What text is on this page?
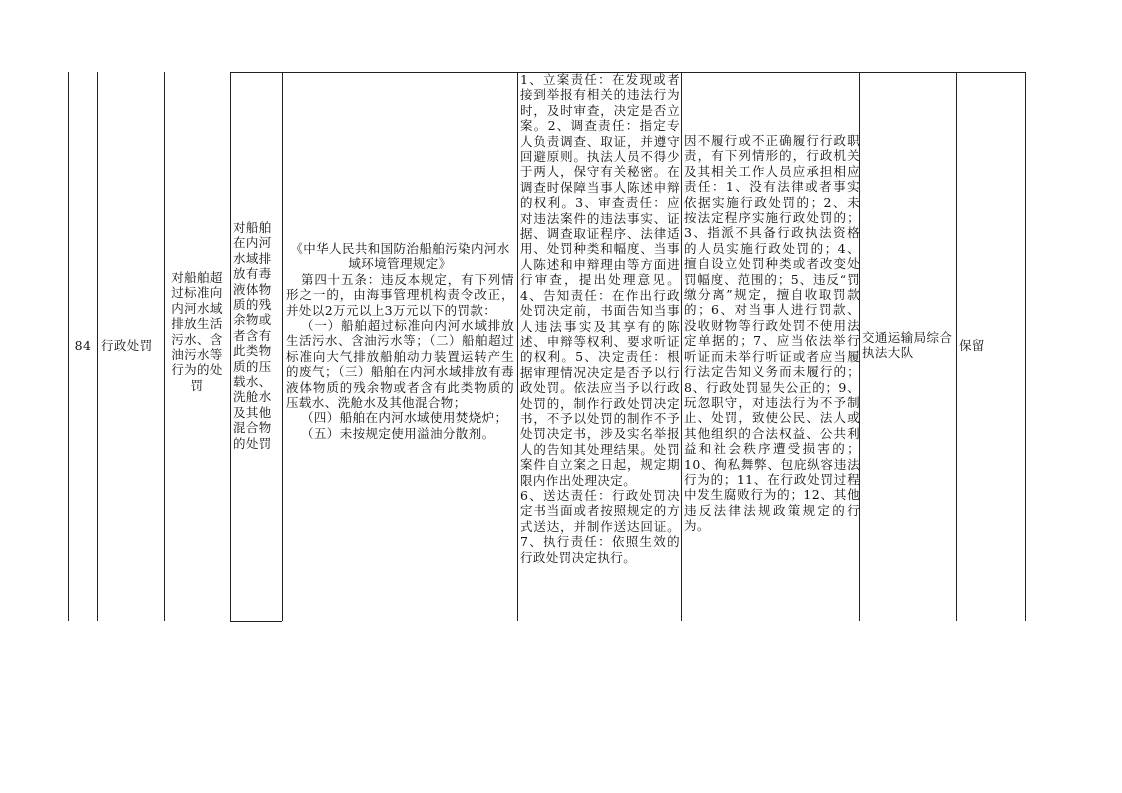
84 行政处罚
对船舶超过标准向内河水域排放生活污水、含油污水等行为的处罚
对船舶在内河水域排放有毒液体物质的残余物或者含有此类物质的压载水、洗舱水及其他混合物的处罚
《中华人民共和国防治船舶污染内河水域环境管理规定》
第四十五条：违反本规定，有下列情形之一的，由海事管理机构责令改正，并处以2万元以上3万元以下的罚款：
（一）船舶超过标准向内河水域排放生活污水、含油污水等；（二）船舶超过标准向大气排放船舶动力装置运转产生的废气；（三）船舶在内河水域排放有毒液体物质的残余物或者含有此类物质的压载水、洗舱水及其他混合物；
（四）船舶在内河水域使用焚烧炉；
（五）未按规定使用溢油分散剂。
1、立案责任：在发现或者接到举报有相关的违法行为时，及时审查，决定是否立案。2、调查责任：指定专人负责调查、取证，并遵守回避原则。执法人员不得少于两人，保守有关秘密。在调查时保障当事人陈述申辩的权利。3、审查责任：应对违法案件的违法事实、证据、调查取证程序、法律适用、处罚种类和幅度、当事人陈述和申辩理由等方面进行审查，提出处理意见。4、告知责任：在作出行政处罚决定前，书面告知当事人违法事实及其享有的陈述、申辩等权利、要求听证的权利。5、决定责任：根据审理情况决定是否予以行政处罚。依法应当予以行政处罚的，制作行政处罚决定书，不予以处罚的制作不予处罚决定书，涉及实名举报人的告知其处理结果。处罚案件自立案之日起，规定期限内作出处理决定。
6、送达责任：行政处罚决定书当面或者按照规定的方式送达，并制作送达回证。7、执行责任：依照生效的行政处罚决定执行。
因不履行或不正确履行行政职责，有下列情形的，行政机关及其相关工作人员应承担相应责任：1、没有法律或者事实依据实施行政处罚的；2、未按法定程序实施行政处罚的；3、指派不具备行政执法资格的人员实施行政处罚的；4、擅自设立处罚种类或者改变处罚幅度、范围的；5、违反“罚缴分离”规定，擅自收取罚款的；6、对当事人进行罚款、没收财物等行政处罚不使用法定单据的；7、应当依法举行听证而未举行听证或者应当履行法定告知义务而未履行的；8、行政处罚显失公正的；9、玩忽职守，对违法行为不予制止、处罚，致使公民、法人或其他组织的合法权益、公共利益和社会秩序遭受损害的；10、徇私舞弊、包庇纵容违法行为的；11、在行政处罚过程中发生腐败行为的；12、其他违反法律法规政策规定的行为。
交通运输局综合执法大队	保留
